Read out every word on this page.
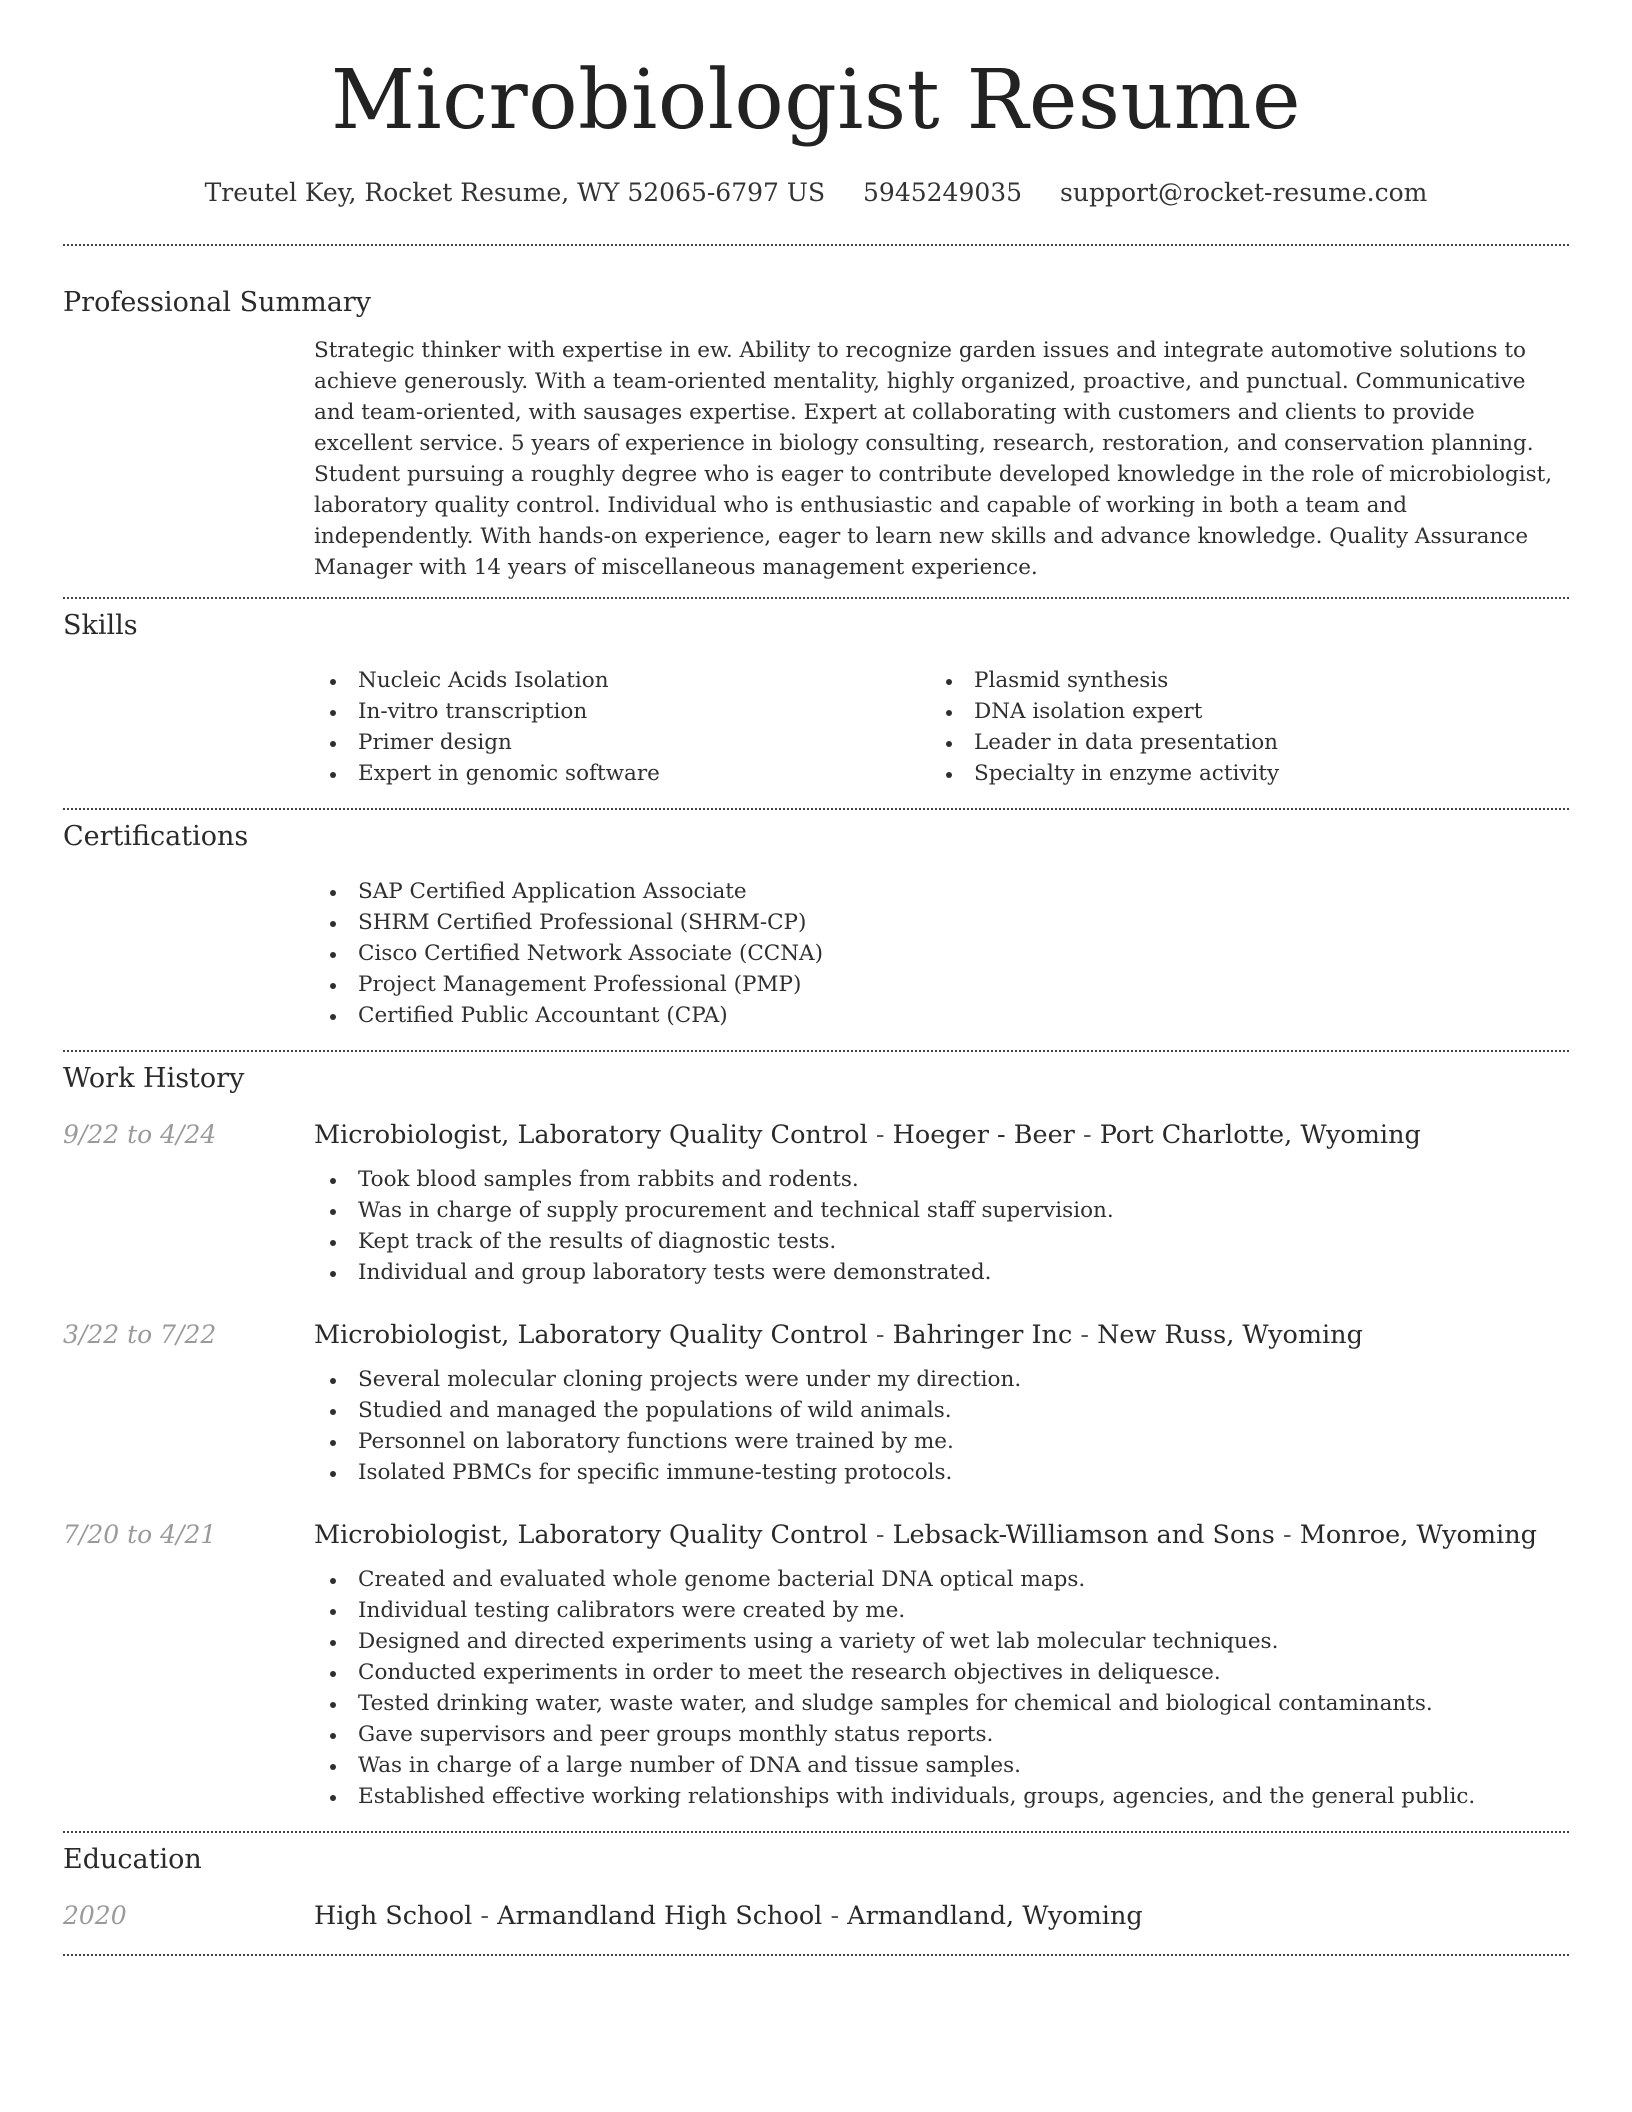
Microbiologist Resume
Treutel Key, Rocket Resume, WY 52065-6797 US 5945249035 support@rocket-resume.com
Professional Summary

Strategic thinker with expertise in ew. Ability to recognize garden issues and integrate automotive solutions to achieve generously. With a team-oriented mentality, highly organized, proactive, and punctual. Communicative and team-oriented, with sausages expertise. Expert at collaborating with customers and clients to provide excellent service. 5 years of experience in biology consulting, research, restoration, and conservation planning. Student pursuing a roughly degree who is eager to contribute developed knowledge in the role of microbiologist, laboratory quality control. Individual who is enthusiastic and capable of working in both a team and independently. With hands-on experience, eager to learn new skills and advance knowledge. Quality Assurance Manager with 14 years of miscellaneous management experience.

Skills
Nucleic Acids Isolation
In-vitro transcription
Primer design
Expert in genomic software
Plasmid synthesis
DNA isolation expert
Leader in data presentation
Specialty in enzyme activity
Certifications
SAP Certified Application Associate
SHRM Certified Professional (SHRM-CP)
Cisco Certified Network Associate (CCNA)
Project Management Professional (PMP)
Certified Public Accountant (CPA)
Work History
9/22 to 4/24	Microbiologist, Laboratory Quality Control - Hoeger - Beer - Port Charlotte, Wyoming

Took blood samples from rabbits and rodents.
Was in charge of supply procurement and technical staff supervision.
Kept track of the results of diagnostic tests.
Individual and group laboratory tests were demonstrated.
3/22 to 7/22	Microbiologist, Laboratory Quality Control - Bahringer Inc - New Russ, Wyoming

Several molecular cloning projects were under my direction.
Studied and managed the populations of wild animals.
Personnel on laboratory functions were trained by me.
Isolated PBMCs for specific immune-testing protocols.
7/20 to 4/21	Microbiologist, Laboratory Quality Control - Lebsack-Williamson and Sons - Monroe, Wyoming

Created and evaluated whole genome bacterial DNA optical maps.
Individual testing calibrators were created by me.
Designed and directed experiments using a variety of wet lab molecular techniques.
Conducted experiments in order to meet the research objectives in deliquesce.
Tested drinking water, waste water, and sludge samples for chemical and biological contaminants.
Gave supervisors and peer groups monthly status reports.
Was in charge of a large number of DNA and tissue samples.
Established effective working relationships with individuals, groups, agencies, and the general public.
Education
2020	High School - Armandland High School - Armandland, Wyoming
